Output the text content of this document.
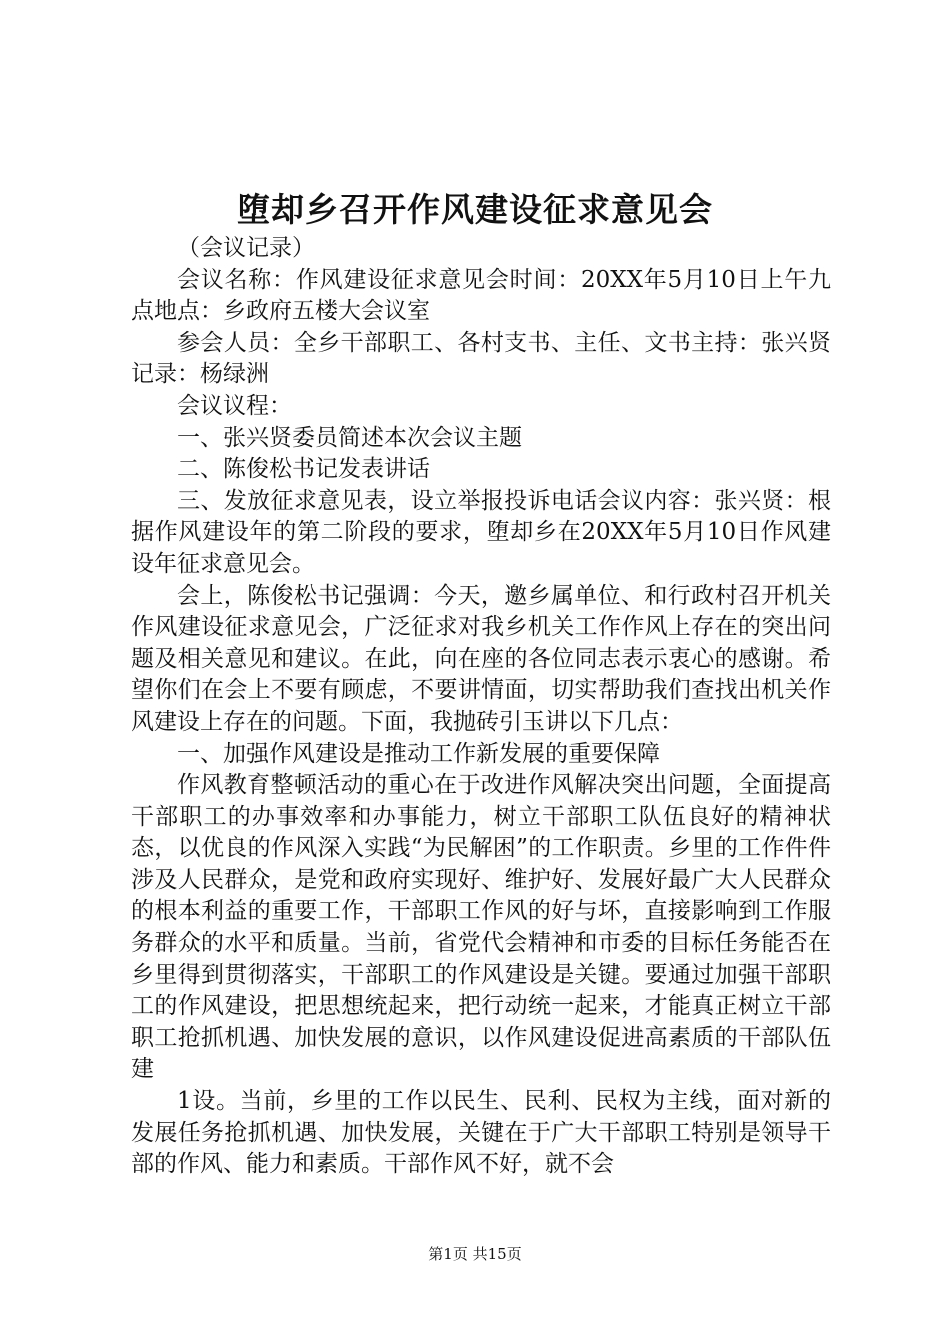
堕却乡召开作风建设征求意见会

（会议记录）

会议名称：作风建设征求意见会时间：20XX年5月10日上午九点地点：乡政府五楼大会议室

参会人员：全乡干部职工、各村支书、主任、文书主持：张兴贤记录：杨绿洲

会议议程：

一、张兴贤委员简述本次会议主题

二、陈俊松书记发表讲话

三、发放征求意见表，设立举报投诉电话会议内容：张兴贤：根据作风建设年的第二阶段的要求，堕却乡在20XX年5月10日作风建设年征求意见会。

会上，陈俊松书记强调：今天，邀乡属单位、和行政村召开机关作风建设征求意见会，广泛征求对我乡机关工作作风上存在的突出问题及相关意见和建议。在此，向在座的各位同志表示衷心的感谢。希望你们在会上不要有顾虑，不要讲情面，切实帮助我们查找出机关作风建设上存在的问题。下面，我抛砖引玉讲以下几点：

一、加强作风建设是推动工作新发展的重要保障

作风教育整顿活动的重心在于改进作风解决突出问题，全面提高干部职工的办事效率和办事能力，树立干部职工队伍良好的精神状态，以优良的作风深入实践“为民解困”的工作职责。乡里的工作件件涉及人民群众，是党和政府实现好、维护好、发展好最广大人民群众的根本利益的重要工作，干部职工作风的好与坏，直接影响到工作服务群众的水平和质量。当前，省党代会精神和市委的目标任务能否在乡里得到贯彻落实，干部职工的作风建设是关键。要通过加强干部职工的作风建设，把思想统起来，把行动统一起来，才能真正树立干部职工抢抓机遇、加快发展的意识，以作风建设促进高素质的干部队伍建

1设。当前，乡里的工作以民生、民利、民权为主线，面对新的发展任务抢抓机遇、加快发展，关键在于广大干部职工特别是领导干部的作风、能力和素质。干部作风不好，就不会

第1页 共15页
